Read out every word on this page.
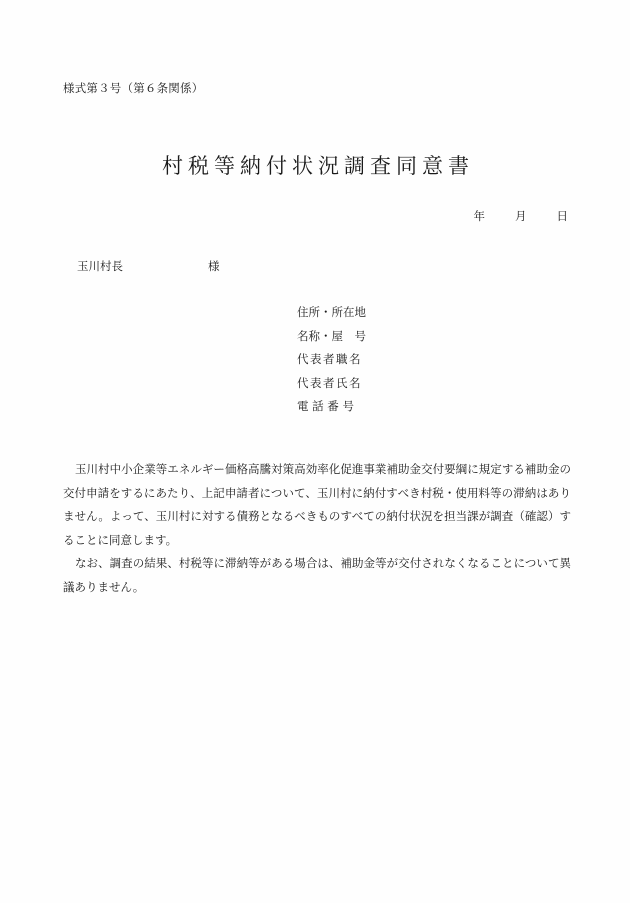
様式第３号（第６条関係）
村税等納付状況調査同意書
年	月	日
玉川村長	様
住所・所在地
名称・屋　号
代表者職名
代表者氏名
電 話 番 号

玉川村中小企業等エネルギー価格高騰対策高効率化促進事業補助金交付要綱に規定する補助金の交付申請をするにあたり、上記申請者について、玉川村に納付すべき村税・使用料等の滞納はありません。よって、玉川村に対する債務となるべきものすべての納付状況を担当課が調査（確認）することに同意します。

なお、調査の結果、村税等に滞納等がある場合は、補助金等が交付されなくなることについて異議ありません。
